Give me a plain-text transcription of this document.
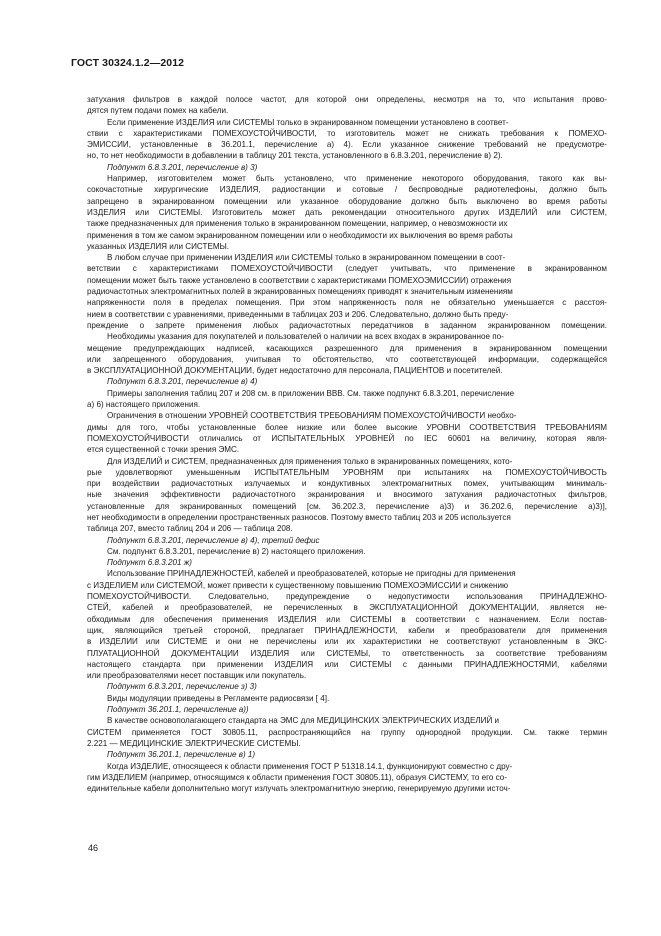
ГОСТ 30324.1.2—2012
затухания фильтров в каждой полосе частот, для которой они определены, несмотря на то, что испытания прово-
дятся путем подачи помех на кабели.
Если применение ИЗДЕЛИЯ или СИСТЕМЫ только в экранированном помещении установлено в соответ-
ствии с характеристиками ПОМЕХОУСТОЙЧИВОСТИ, то изготовитель может не снижать требования к ПОМЕХО-
ЭМИССИИ, установленные в 36.201.1, перечисление а) 4). Если указанное снижение требований не предусмотре-
но, то нет необходимости в добавлении в таблицу 201 текста, установленного в 6.8.3.201, перечисление в) 2).
Подпункт 6.8.3.201, перечисление в) 3)
Например, изготовителем может быть установлено, что применение некоторого оборудования, такого как вы-
сокочастотные хирургические ИЗДЕЛИЯ, радиостанции и сотовые / беспроводные радиотелефоны, должно быть
запрещено в экранированном помещении или указанное оборудование должно быть выключено во время работы
ИЗДЕЛИЯ или СИСТЕМЫ. Изготовитель может дать рекомендации относительного других ИЗДЕЛИЙ или СИСТЕМ,
также предназначенных для применения только в экранированном помещении, например, о невозможности их
применения в том же самом экранированном помещении или о необходимости их выключения во время работы
указанных ИЗДЕЛИЯ или СИСТЕМЫ.
В любом случае при применении ИЗДЕЛИЯ или СИСТЕМЫ только в экранированном помещении в соот-
ветствии с характеристиками ПОМЕХОУСТОЙЧИВОСТИ (следует учитывать, что применение в экранированном
помещении может быть также установлено в соответствии с характеристиками ПОМЕХОЭМИССИИ) отражения
радиочастотных электромагнитных полей в экранированных помещениях приводят к значительным изменениям
напряженности поля в пределах помещения. При этом напряженность поля не обязательно уменьшается с расстоя-
нием в соответствии с уравнениями, приведенными в таблицах 203 и 206. Следовательно, должно быть преду-
преждение о запрете применения любых радиочастотных передатчиков в заданном экранированном помещении.
Необходимы указания для покупателей и пользователей о наличии на всех входах в экранированное по-
мещение предупреждающих надписей, касающихся разрешенного для применения в экранированном помещении
или запрещенного оборудования, учитывая то обстоятельство, что соответствующей информации, содержащейся
в ЭКСПЛУАТАЦИОННОЙ ДОКУМЕНТАЦИИ, будет недостаточно для персонала, ПАЦИЕНТОВ и посетителей.
Подпункт 6.8.3.201, перечисление в) 4)
Примеры заполнения таблиц 207 и 208 см. в приложении ВВВ. См. также подпункт 6.8.3.201, перечисление
а) 6) настоящего приложения.
Ограничения в отношении УРОВНЕЙ СООТВЕТСТВИЯ ТРЕБОВАНИЯМ ПОМЕХОУСТОЙЧИВОСТИ необхо-
димы для того, чтобы установленные более низкие или более высокие УРОВНИ СООТВЕТСТВИЯ ТРЕБОВАНИЯМ
ПОМЕХОУСТОЙЧИВОСТИ отличались от ИСПЫТАТЕЛЬНЫХ УРОВНЕЙ по IEC 60601 на величину, которая явля-
ется существенной с точки зрения ЭМС.
Для ИЗДЕЛИЙ и СИСТЕМ, предназначенных для применения только в экранированных помещениях, кото-
рые удовлетворяют уменьшенным ИСПЫТАТЕЛЬНЫМ УРОВНЯМ при испытаниях на ПОМЕХОУСТОЙЧИВОСТЬ
при воздействии радиочастотных излучаемых и кондуктивных электромагнитных помех, учитывающим минималь-
ные значения эффективности радиочастотного экранирования и вносимого затухания радиочастотных фильтров,
установленные для экранированных помещений [см. 36.202.3, перечисление а)3) и 36.202.6, перечисление а)3)],
нет необходимости в определении пространственных разносов. Поэтому вместо таблиц 203 и 205 используется
таблица 207, вместо таблиц 204 и 206 — таблица 208.
Подпункт 6.8.3.201, перечисление в) 4), третий дефис
См. подпункт 6.8.3.201, перечисление в) 2) настоящего приложения.
Подпункт 6.8.3.201 ж)
Использование ПРИНАДЛЕЖНОСТЕЙ, кабелей и преобразователей, которые не пригодны для применения
с ИЗДЕЛИЕМ или СИСТЕМОЙ, может привести к существенному повышению ПОМЕХОЭМИССИИ и снижению
ПОМЕХОУСТОЙЧИВОСТИ. Следовательно, предупреждение о недопустимости использования ПРИНАДЛЕЖНО-
СТЕЙ, кабелей и преобразователей, не перечисленных в ЭКСПЛУАТАЦИОННОЙ ДОКУМЕНТАЦИИ, является не-
обходимым для обеспечения применения ИЗДЕЛИЯ или СИСТЕМЫ в соответствии с назначением. Если постав-
щик, являющийся третьей стороной, предлагает ПРИНАДЛЕЖНОСТИ, кабели и преобразователи для применения
в ИЗДЕЛИИ или СИСТЕМЕ и они не перечислены или их характеристики не соответствуют установленным в ЭКС-
ПЛУАТАЦИОННОЙ ДОКУМЕНТАЦИИ ИЗДЕЛИЯ или СИСТЕМЫ, то ответственность за соответствие требованиям
настоящего стандарта при применении ИЗДЕЛИЯ или СИСТЕМЫ с данными ПРИНАДЛЕЖНОСТЯМИ, кабелями
или преобразователями несет поставщик или покупатель.
Подпункт 6.8.3.201, перечисление з) 3)
Виды модуляции приведены в Регламенте радиосвязи [ 4].
Подпункт 36.201.1, перечисление а))
В качестве основополагающего стандарта на ЭМС для МЕДИЦИНСКИХ ЭЛЕКТРИЧЕСКИХ ИЗДЕЛИЙ и
СИСТЕМ применяется ГОСТ 30805.11, распространяющийся на группу однородной продукции. См. также термин
2.221 — МЕДИЦИНСКИЕ ЭЛЕКТРИЧЕСКИЕ СИСТЕМЫ.
Подпункт 36.201.1, перечисление в) 1)
Когда ИЗДЕЛИЕ, относящееся к области применения ГОСТ Р 51318.14.1, функционируют совместно с дру-
гим ИЗДЕЛИЕМ (например, относящимся к области применения ГОСТ 30805.11), образуя СИСТЕМУ, то его со-
единительные кабели дополнительно могут излучать электромагнитную энергию, генерируемую другими источ-
46
